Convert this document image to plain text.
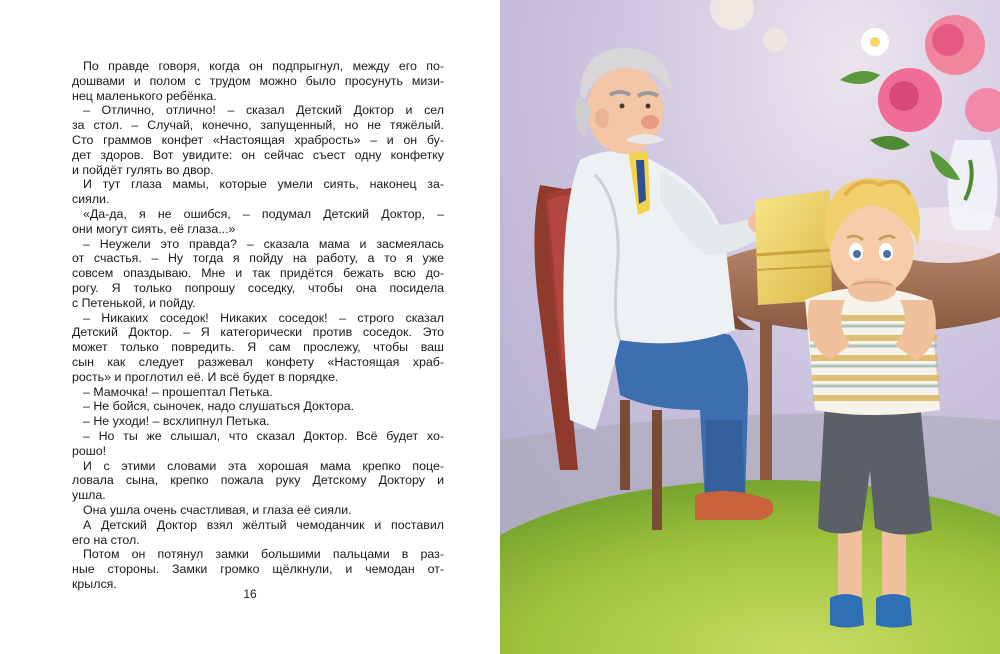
По правде говоря, когда он подпрыгнул, между его по-
дошвами и полом с трудом можно было просунуть мизи-
нец маленького ребёнка.

– Отлично, отлично! – сказал Детский Доктор и сел
за стол. – Случай, конечно, запущенный, но не тяжёлый.
Сто граммов конфет «Настоящая храбрость» – и он бу-
дет здоров. Вот увидите: он сейчас съест одну конфетку
и пойдёт гулять во двор.

И тут глаза мамы, которые умели сиять, наконец за-
сияли.

«Да-да, я не ошибся, – подумал Детский Доктор, –
они могут сиять, её глаза...»

– Неужели это правда? – сказала мама и засмеялась
от счастья. – Ну тогда я пойду на работу, а то я уже
совсем опаздываю. Мне и так придётся бежать всю до-
рогу. Я только попрошу соседку, чтобы она посидела
с Петенькой, и пойду.

– Никаких соседок! Никаких соседок! – строго сказал
Детский Доктор. – Я категорически против соседок. Это
может только повредить. Я сам прослежу, чтобы ваш
сын как следует разжевал конфету «Настоящая храб-
рость» и проглотил её. И всё будет в порядке.

– Мамочка! – прошептал Петька.

– Не бойся, сыночек, надо слушаться Доктора.

– Не уходи! – всхлипнул Петька.

– Но ты же слышал, что сказал Доктор. Всё будет хо-
рошо!

И с этими словами эта хорошая мама крепко поце-
ловала сына, крепко пожала руку Детскому Доктору и
ушла.

Она ушла очень счастливая, и глаза её сияли.

А Детский Доктор взял жёлтый чемоданчик и поставил
его на стол.

Потом он потянул замки большими пальцами в раз-
ные стороны. Замки громко щёлкнули, и чемодан от-
крылся.

16
